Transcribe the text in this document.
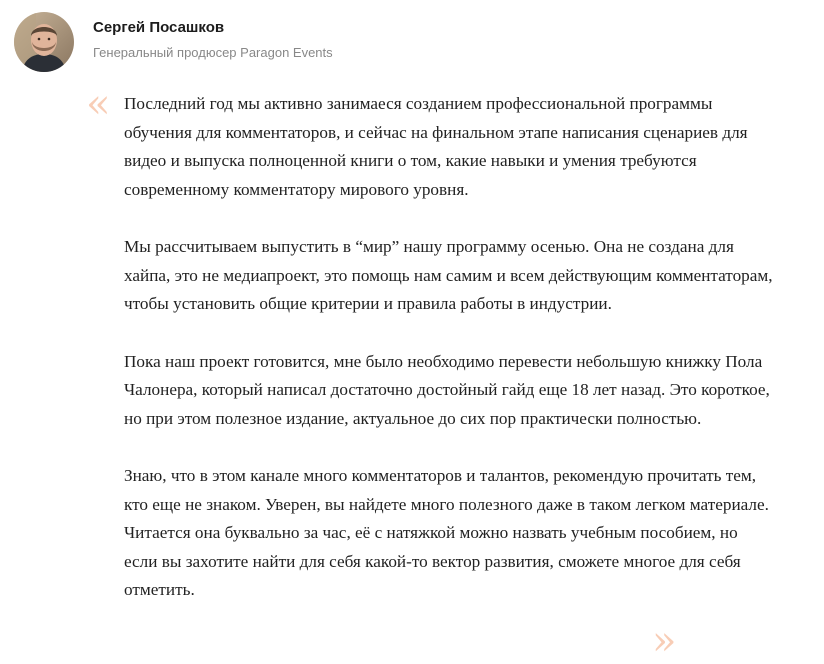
Сергей Посашков
Генеральный продюсер Paragon Events
« Последний год мы активно занимаеся созданием профессиональной программы обучения для комментаторов, и сейчас на финальном этапе написания сценариев для видео и выпуска полноценной книги о том, какие навыки и умения требуются современному комментатору мирового уровня.

Мы рассчитываем выпустить в “мир” нашу программу осенью. Она не создана для хайпа, это не медиапроект, это помощь нам самим и всем действующим комментаторам, чтобы установить общие критерии и правила работы в индустрии.

Пока наш проект готовится, мне было необходимо перевести небольшую книжку Пола Чалонера, который написал достаточно достойный гайд еще 18 лет назад. Это короткое, но при этом полезное издание, актуальное до сих пор практически полностью.

Знаю, что в этом канале много комментаторов и талантов, рекомендую прочитать тем, кто еще не знаком. Уверен, вы найдете много полезного даже в таком легком материале. Читается она буквально за час, её с натяжкой можно назвать учебным пособием, но если вы захотите найти для себя какой-то вектор развития, сможете многое для себя отметить.

»
